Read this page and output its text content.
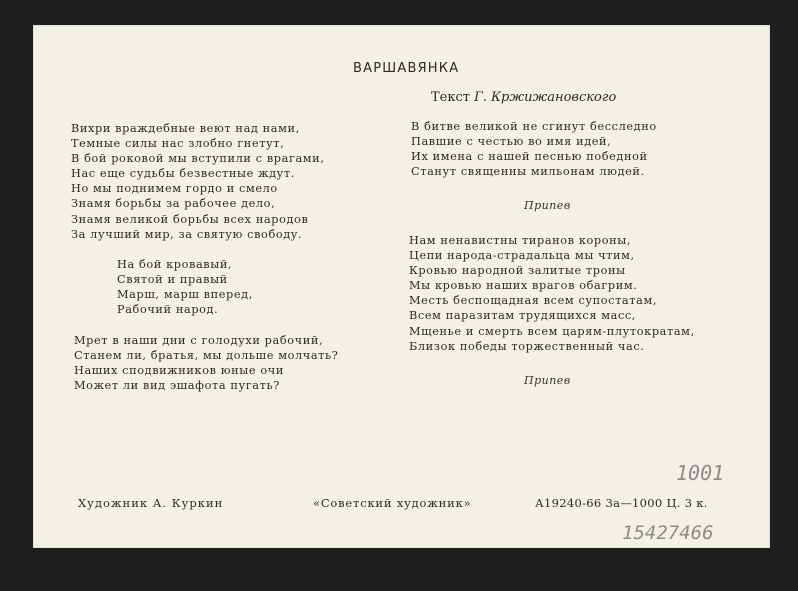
ВАРШАВЯНКА
Текст Г. Кржижановского
Вихри враждебные веют над нами,
Темные силы нас злобно гнетут,
В бой роковой мы вступили с врагами,
Нас еще судьбы безвестные ждут.
Но мы поднимем гордо и смело
Знамя борьбы за рабочее дело,
Знамя великой борьбы всех народов
За лучший мир, за святую свободу.
На бой кровавый,
Святой и правый
Марш, марш вперед,
Рабочий народ.
Мрет в наши дни с голодухи рабочий,
Станем ли, братья, мы дольше молчать?
Наших сподвижников юные очи
Может ли вид эшафота пугать?
В битве великой не сгинут бесследно
Павшие с честью во имя идей,
Их имена с нашей песнью победной
Станут священны мильонам людей.
Припев
Нам ненавистны тиранов короны,
Цепи народа-страдальца мы чтим,
Кровью народной залитые троны
Мы кровью наших врагов обагрим.
Месть беспощадная всем супостатам,
Всем паразитам трудящихся масс,
Мщенье и смерть всем царям-плутократам,
Близок победы торжественный час.
Припев
Художник А. Куркин	«Советский художник»	А19240-66 3а—1000 Ц. 3 к.
1001
15427466
